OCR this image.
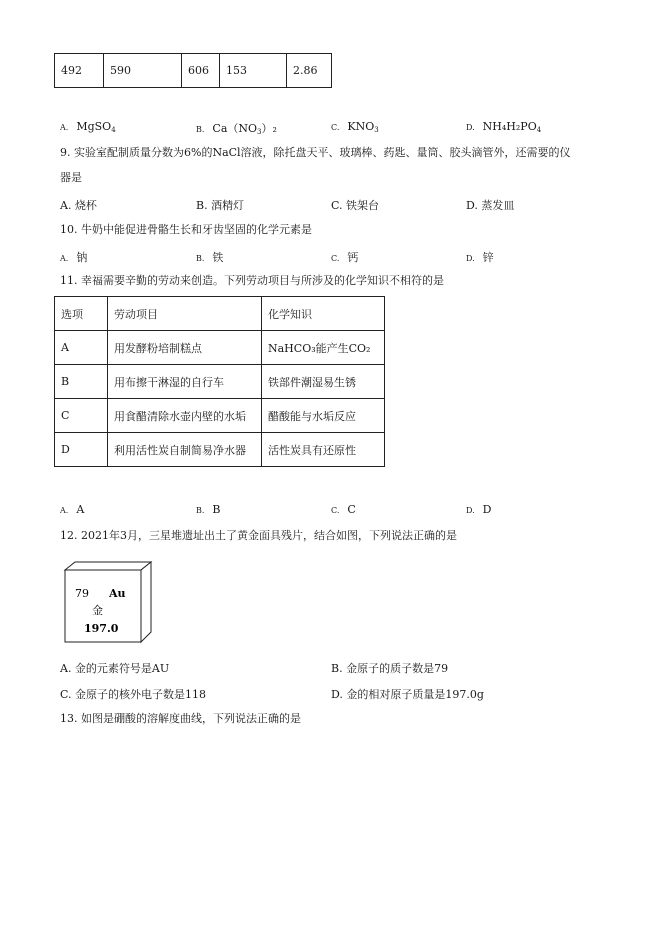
492	590	606	153	2.86
A. MgSO$_4$	B. $Ca(NO_3)_2$	C. $KNO_3$	D. $NH_4H_2PO_4$
9. 实验室配制质量分数为6%的NaCl溶液，除托盘天平、玻璃棒、药匙、量筒、胶头滴管外，还需要的仪
器是
A. 烧杯	B. 酒精灯	C. 铁架台	D. 蒸发皿
10. 牛奶中能促进骨骼生长和牙齿坚固的化学元素是
A. 钠	B. 铁	C. 钙	D. 锌
11. 幸福需要辛勤的劳动来创造。下列劳动项目与所涉及的化学知识不相符的是
选项	劳动项目	化学知识
A	用发酵粉培制糕点	NaHCO₃能产生CO₂
B	用布擦干淋湿的自行车	铁部件潮湿易生锈
C	用食醋清除水壶内壁的水垢	醋酸能与水垢反应
D	利用活性炭自制简易净水器	活性炭具有还原性
A. A	B. B	C. C	D. D
12. 2021年3月，三星堆遗址出土了黄金面具残片，结合如图，下列说法正确的是
79 Au
金
197.0
A. 金的元素符号是AU	B. 金原子的质子数是79
C. 金原子的核外电子数是118	D. 金的相对原子质量是197.0g
13. 如图是硼酸的溶解度曲线，下列说法正确的是
